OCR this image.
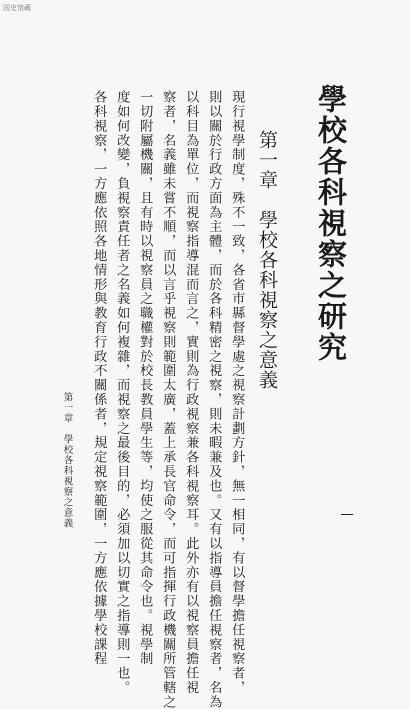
国史馆藏
學校各科視察之研究
第一章　學校各科視察之意義
現行視學制度，殊不一致，各省市縣督學處之視察計劃方針，無一相同，有以督學擔任視察者，
則以關於行政方面為主體，而於各科精密之視察，則未暇兼及也。又有以指導員擔任視察者，名為
以科目為單位，而視察指導混而言之，實則為行政視察兼各科視察耳。此外亦有以視察員擔任視
察者，名義雖未嘗不順，而以言乎視察則範圍太廣，蓋上承長官命令，而可指揮行政機關所管轄之
一切附屬機關，且有時以視察員之職權對於校長教員學生等，均使之服從其命令也。視學制
度如何改變，負視察責任者之名義如何複雜，而視察之最後目的，必須加以切實之指導則一也。
各科視察，一方應依照各地情形與教育行政不關係者，規定視察範圍，一方應依據學校課程
第一章　學校各科視察之意義
